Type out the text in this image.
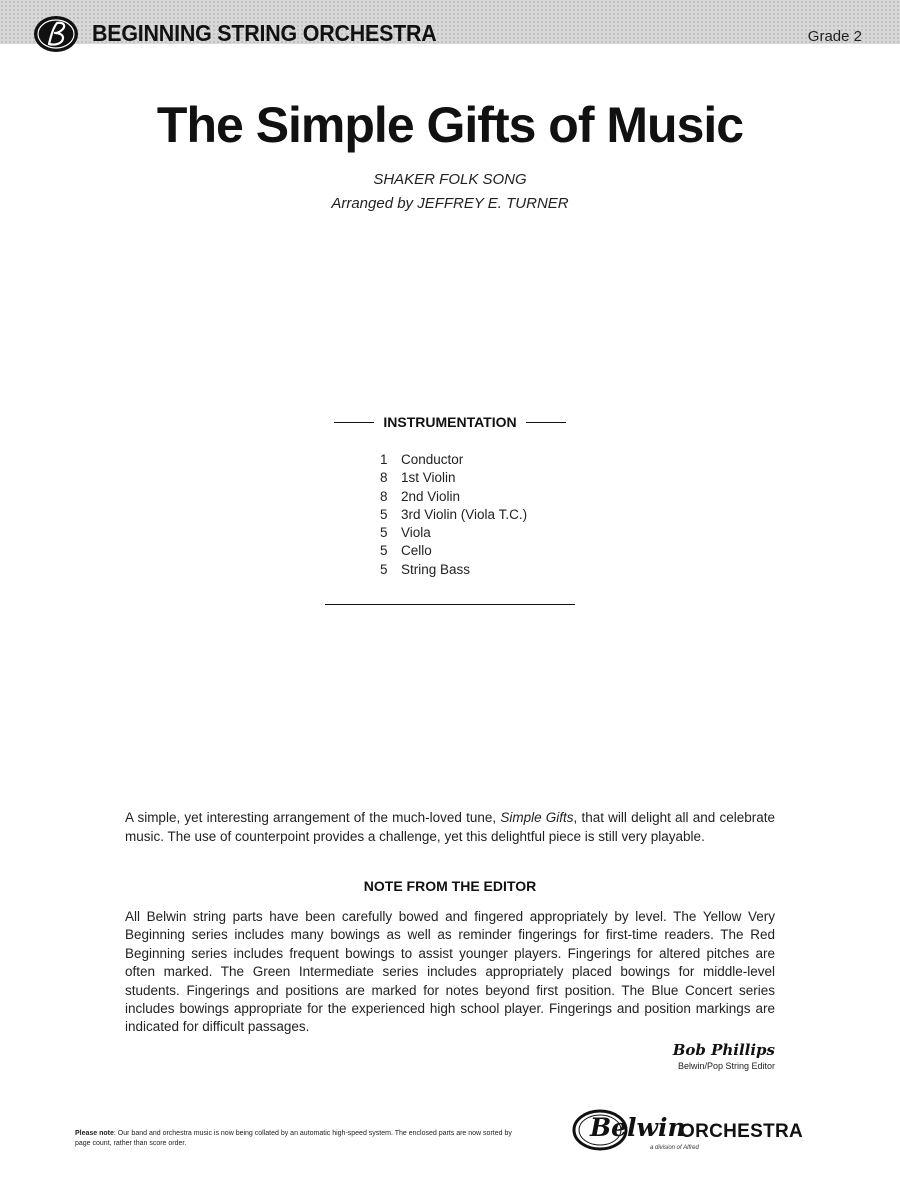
BEGINNING STRING ORCHESTRA	Grade 2
The Simple Gifts of Music
SHAKER FOLK SONG
Arranged by JEFFREY E. TURNER
INSTRUMENTATION
1 Conductor
8 1st Violin
8 2nd Violin
5 3rd Violin (Viola T.C.)
5 Viola
5 Cello
5 String Bass

A simple, yet interesting arrangement of the much-loved tune, Simple Gifts, that will delight all and celebrate music. The use of counterpoint provides a challenge, yet this delightful piece is still very playable.

NOTE FROM THE EDITOR

All Belwin string parts have been carefully bowed and fingered appropriately by level. The Yellow Very Beginning series includes many bowings as well as reminder fingerings for first-time readers. The Red Beginning series includes frequent bowings to assist younger players. Fingerings for altered pitches are often marked. The Green Intermediate series includes appropriately placed bowings for middle-level students. Fingerings and positions are marked for notes beyond first position. The Blue Concert series includes bowings appropriate for the experienced high school player. Fingerings and position markings are indicated for difficult passages.

Bob Phillips
Belwin/Pop String Editor
Please note: Our band and orchestra music is now being collated by an automatic high-speed system. The enclosed parts are now sorted by page count, rather than score order.
Belwin
ORCHESTRA
a division of Alfred
